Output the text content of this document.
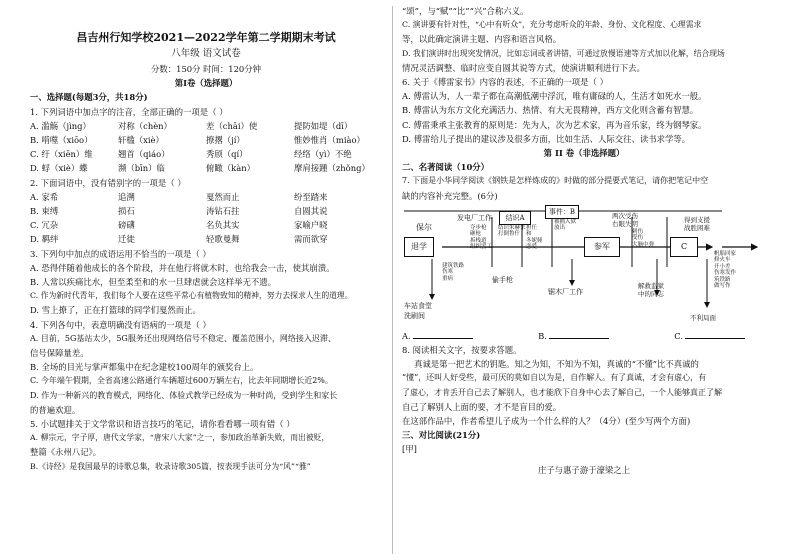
昌吉州行知学校2021—2022学年第二学期期末考试
八年级 语文试卷
分数：150分 时间：120分钟
第Ⅰ卷（选择题）
一、选择题(每题3分，共18分)
1. 下列词语中加点字的注音，全部正确的一项是（ ）
A. 滥觞（jìng）	对称（chèn）	差（chāi）使	提防如堤（dī）
B. 啃噬（xiōo）	轩槛（xiè）	撩撂（jí）	惟妙惟肖（miào）
C. 纡（xiēn）维	翘首（qiáo）	秀颀（qí）	经络（yì）不绝
D. 蜉（xiè）蝶	濒（bīn）临	俯瞰（kàn）	摩肩接踵（zhǒng）
2. 下面词语中，没有错别字的一项是（ ）
A. 家希	追溯	戛然而止	纷至踏来
B. 束缚	损石	涛钻石拄	自圆其说
C. 冗杂	磅礴	名负其实	家喻户晓
D. 羁绊	迁徙	轻歌曼舞	需而欲穿
3. 下列句中加点的成语运用不恰当的一项是（ ）
A. 恐得伴随着他成长的各个阶段，并在他行将就木时，也给我会一击，使其崩溃。
B. 人常以疾痛比水，但至柔至和的水一旦肆虐就会这样举无不遗。
C. 作为新时代青年，我们每个人要在这些平常心有植物致知的精神，努力去探求人生的道理。
D. 雪上撩了，正在打篮球的同学们戛然而止。
4. 下列各句中，表意明确没有语病的一项是（ ）
A. 目前，5G基站太少，5G服务还出现网络信号不稳定、覆盖范围小，网络接入迟滞、
信号保障量差。
B. 全场的目光与掌声都集中在纪念建校100周年的颁奖台上。
C. 今年端午假期，全省高速公路通行车辆超过600万辆左右，比去年同期增长近2%。
D. 作为一种新兴的教育模式，网络化、体验式教学已经成为一种时尚，受到学生和家长
的普遍欢迎。
5. 小试题排关于文学常识和语言技巧的笔记，请你看看哪一项有错（ ）
A. 柳宗元，字子厚，唐代文学家，“唐宋八大家”之一，参加政治革新失败，而出被贬，
整篇《永州八记》。
B.《诗经》是我国最早的诗歌总集，收录诗歌305篇，按表现手法可分为“风”“雅”
“颂”，与“赋”“比”“兴”合称六义。
C. 演讲要有针对性，“心中有听众”，充分考虑听众的年龄、身份、文化程度、心理需求
等，以此确定演讲主题、内容和语言风格。
D. 我们演讲时出现突发情况，比如忘词或者讲错，可通过放慢语速等方式加以化解，结合现场
情况灵活调整、临时应变自圆其说等方式，使演讲顺利进行下去。
6. 关于《傅雷家书》内容的表述，不正确的一项是（ ）
A. 傅雷认为，人一辈子都在高潮低潮中浮沉，唯有庸碌的人，生活才如死水一般。
B. 傅雷认为东方文化充满活力、热情、有大无畏精神，西方文化则含蓄有智慧。
C. 傅雷秉承主张教育的原则是：先为人，次为艺术家，再为音乐家，终为钢琴家。
D. 傅雷给儿子提出的建议涉及很多方面，比如生活、人际交往、读书求学等。
第 II 卷（非选择题）
二、名著阅读（10分）
7. 下面是小华同学阅读《钢铁是怎样炼成的》时做的部分提要式笔记，请你把笔记中空
缺的内容补充完整。(6分)
退学
保尔
发电厂工作	结识A
事件：B
参军	C
两次受伤
右眼失明	得到支援
战胜困难
车站食堂
洗刷间
偷手枪
锯木厂工作
解救监狱
中的同志
不利局面
夺步枪
砸枪
拆栈道
组织罢工
结识朱赫来
打倒鲁什
担任
和
冬妮娅
恋爱
被捕入狱
放出
建筑铁路
伤寒
重病
刺伤
受伤
大脑中弹
帆船回家
修火车
开小差
伤寒发作
筑铁路
做写作
A.	B.	C.
8. 阅读相关文字，按要求答题。
真诚是第一把艺术的钥匙。知之为知，不知为不知，真诚的“不懂”比不真诚的
“懂”，还叫人好受些，最可厌的莫如自以为是，自作解人。有了真诚，才会有虚心，有
了虚心，才肯丢开自己去了解别人，也才能欣下自身中心去了解自己，一个人能够真正了解
自己了解别人上面的要，才不是盲目的爱。
在这部作品中，作者希望儿子成为一个什么样的人？（4分）(至少写两个方面)
三、对比阅读(21分)
[甲]
庄子与惠子游于濠梁之上
